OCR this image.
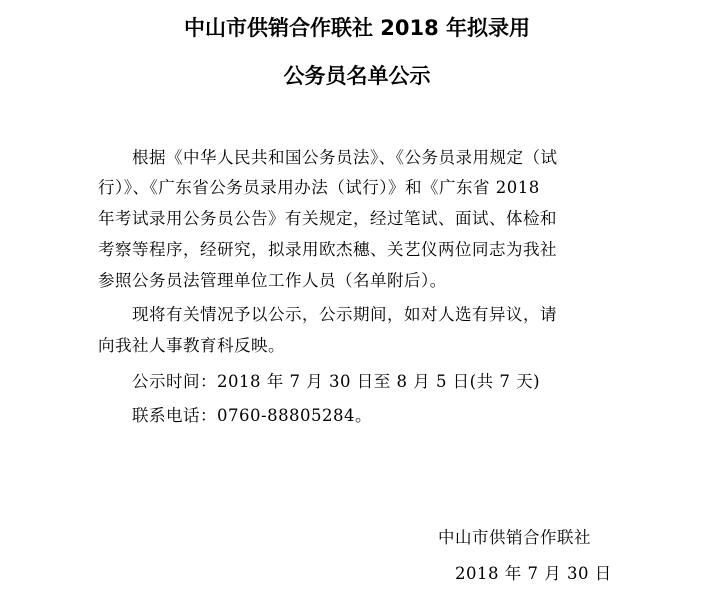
中山市供销合作联社 2018 年拟录用
公务员名单公示
　　根据《中华人民共和国公务员法》、《公务员录用规定（试
行）》、《广东省公务员录用办法（试行）》和《广东省 2018
年考试录用公务员公告》有关规定，经过笔试、面试、体检和
考察等程序，经研究，拟录用欧杰穗、关艺仪两位同志为我社
参照公务员法管理单位工作人员（名单附后）。
　　现将有关情况予以公示，公示期间，如对人选有异议，请
向我社人事教育科反映。
　　公示时间：2018 年 7 月 30 日至 8 月 5 日(共 7 天)
　　联系电话：0760-88805284。
中山市供销合作联社
2018 年 7 月 30 日
